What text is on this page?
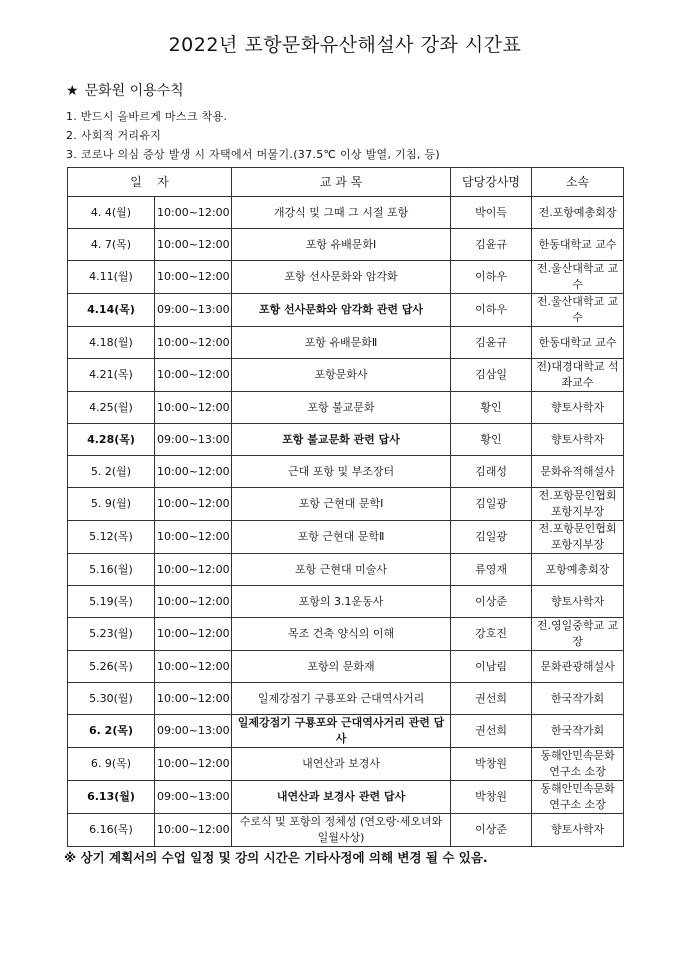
2022년 포항문화유산해설사 강좌 시간표
★ 문화원 이용수칙
1. 반드시 올바르게 마스크 착용.
2. 사회적 거리유지
3. 코로나 의심 증상 발생 시 자택에서 머물기.(37.5℃ 이상 발열, 기침, 등)
일    자		교 과 목	담당강사명	소속
4. 4(월)	10:00~12:00	개강식 및 그때 그 시절 포항	박이득	전.포항예총회장
4. 7(목)	10:00~12:00	포항 유배문화Ⅰ	김윤규	한동대학교 교수
4.11(월)	10:00~12:00	포항 선사문화와 암각화	이하우	전.울산대학교 교수
4.14(목)	09:00~13:00	포항 선사문화와 암각화 관련 답사	이하우	전.울산대학교 교수
4.18(월)	10:00~12:00	포항 유배문화Ⅱ	김윤규	한동대학교 교수
4.21(목)	10:00~12:00	포항문화사	김삼일	전)대경대학교 석좌교수
4.25(월)	10:00~12:00	포항 불교문화	황인	향토사학자
4.28(목)	09:00~13:00	포항 불교문화 관련 답사	황인	향토사학자
5. 2(월)	10:00~12:00	근대 포항 및 부조장터	김래성	문화유적해설사
5. 9(월)	10:00~12:00	포항 근현대 문학Ⅰ	김일광	전.포항문인협회 포항지부장
5.12(목)	10:00~12:00	포항 근현대 문학Ⅱ	김일광	전.포항문인협회 포항지부장
5.16(월)	10:00~12:00	포항 근현대 미술사	류영재	포항예총회장
5.19(목)	10:00~12:00	포항의 3.1운동사	이상준	향토사학자
5.23(월)	10:00~12:00	목조 건축 양식의 이해	강호진	전.영일중학교 교장
5.26(목)	10:00~12:00	포항의 문화재	이남림	문화관광해설사
5.30(월)	10:00~12:00	일제강점기 구룡포와 근대역사거리	권선희	한국작가회
6. 2(목)	09:00~13:00	일제강점기 구룡포와 근대역사거리 관련 답사	권선희	한국작가회
6. 9(목)	10:00~12:00	내연산과 보경사	박창원	동해안민속문화 연구소 소장
6.13(월)	09:00~13:00	내연산과 보경사 관련 답사	박창원	동해안민속문화 연구소 소장
6.16(목)	10:00~12:00	수로식 및 포항의 정체성 (연오랑·세오녀와 일월사상)	이상준	향토사학자
※ 상기 계획서의 수업 일정 및 강의 시간은 기타사정에 의해 변경 될 수 있음.
